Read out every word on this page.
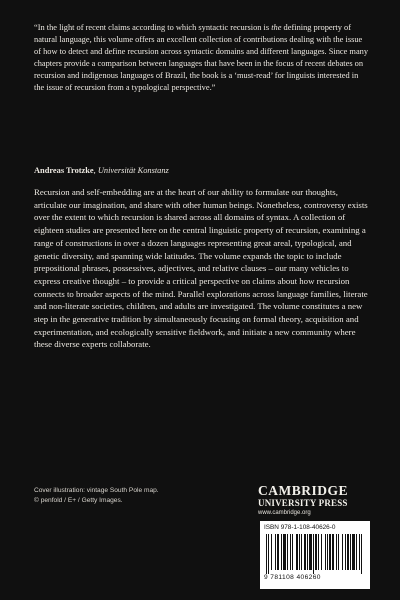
“In the light of recent claims according to which syntactic recursion is the defining property of natural language, this volume offers an excellent collection of contributions dealing with the issue of how to detect and define recursion across syntactic domains and different languages. Since many chapters provide a comparison between languages that have been in the focus of recent debates on recursion and indigenous languages of Brazil, the book is a ‘must-read’ for linguists interested in the issue of recursion from a typological perspective.”
Andreas Trotzke, Universität Konstanz
Recursion and self-embedding are at the heart of our ability to formulate our thoughts, articulate our imagination, and share with other human beings. Nonetheless, controversy exists over the extent to which recursion is shared across all domains of syntax. A collection of eighteen studies are presented here on the central linguistic property of recursion, examining a range of constructions in over a dozen languages representing great areal, typological, and genetic diversity, and spanning wide latitudes. The volume expands the topic to include prepositional phrases, possessives, adjectives, and relative clauses – our many vehicles to express creative thought – to provide a critical perspective on claims about how recursion connects to broader aspects of the mind. Parallel explorations across language families, literate and non-literate societies, children, and adults are investigated. The volume constitutes a new step in the generative tradition by simultaneously focusing on formal theory, acquisition and experimentation, and ecologically sensitive fieldwork, and initiate a new community where these diverse experts collaborate.
Cover illustration: vintage South Pole map.
© penfold / E+ / Getty Images.
CAMBRIDGE
UNIVERSITY PRESS
www.cambridge.org
ISBN 978-1-108-40626-0
9 781108 406260
